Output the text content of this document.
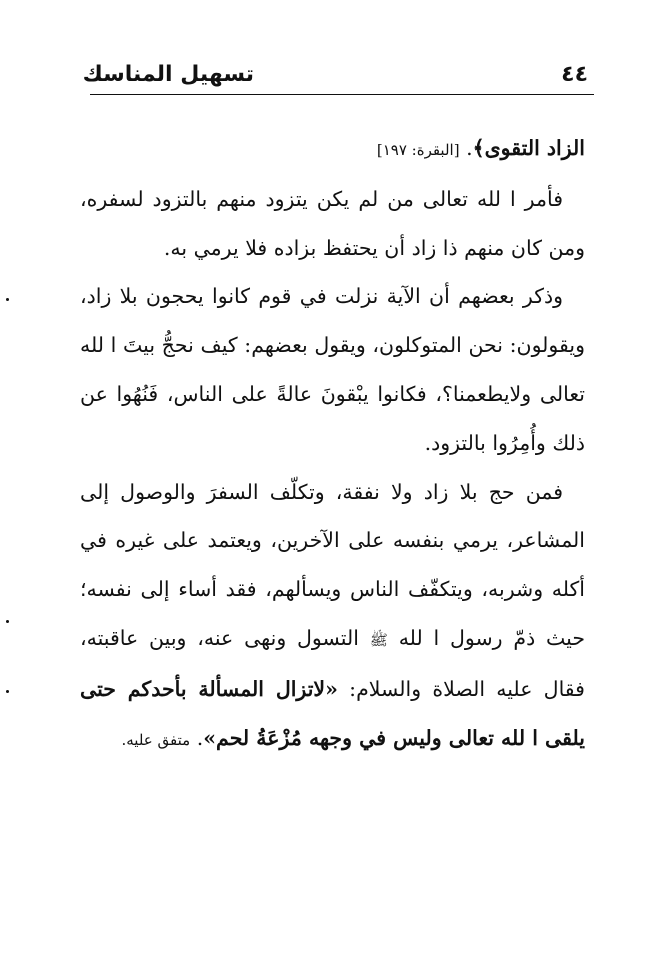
تسهيل المناسك	٤٤

الزاد التقوى﴾. [البقرة: ١٩٧]

فأمر ا لله تعالى من لم يكن يتزود منهم بالتزود لسفره، ومن كان منهم ذا زاد أن يحتفظ بزاده فلا يرمي به.

وذكر بعضهم أن الآية نزلت في قوم كانوا يحجون بلا زاد، ويقولون: نحن المتوكلون، ويقول بعضهم: كيف نحجُّ بيتَ ا لله تعالى ولايطعمنا؟، فكانوا يبْقونَ عالةً على الناس، فَنُهُوا عن ذلك وأُمِرُوا بالتزود.

فمن حج بلا زاد ولا نفقة، وتكلّف السفرَ والوصول إلى المشاعر، يرمي بنفسه على الآخرين، ويعتمد على غيره في أكله وشربه، ويتكفّف الناس ويسألهم، فقد أساء إلى نفسه؛ حيث ذمّ رسول ا لله ﷺ التسول ونهى عنه، وبين عاقبته، فقال عليه الصلاة والسلام: «لاتزال المسألة بأحدكم حتى يلقى ا لله تعالى وليس في وجهه مُزْعَةُ لحم». متفق عليه.
